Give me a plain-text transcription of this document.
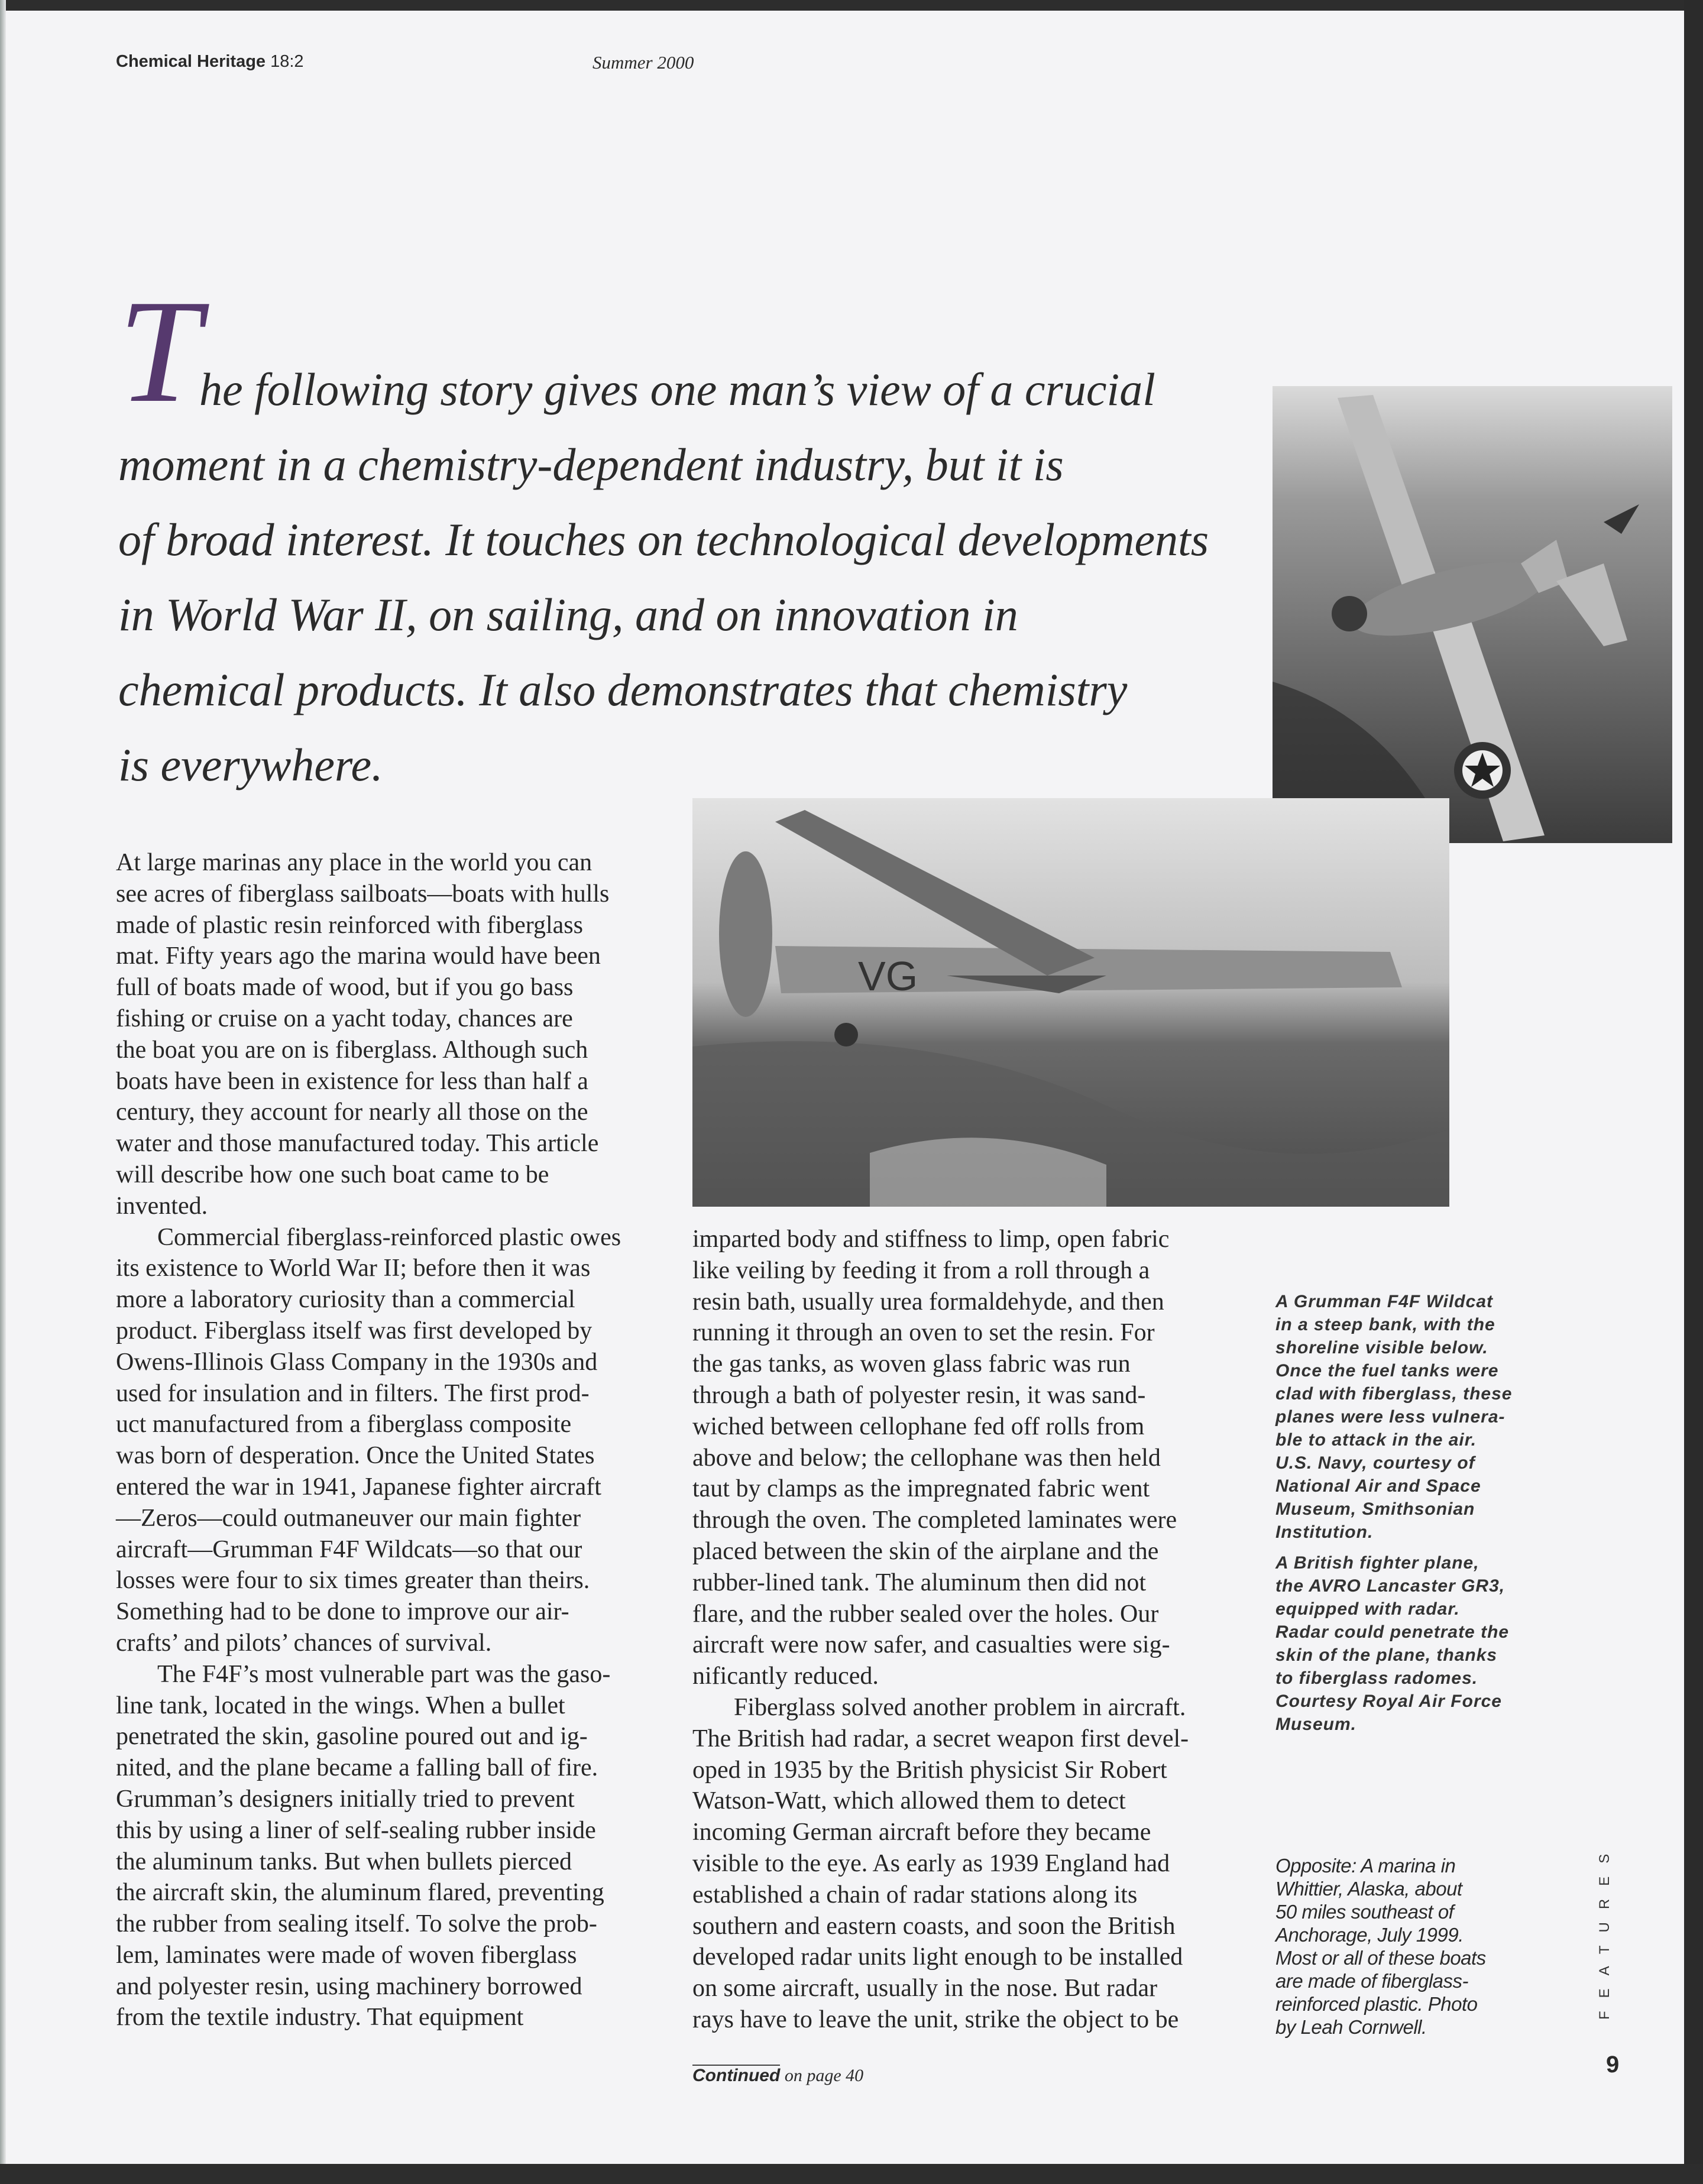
Chemical Heritage 18:2	Summer 2000
T
he following story gives one man’s view of a crucial
moment in a chemistry-dependent industry, but it is
of broad interest. It touches on technological developments
in World War II, on sailing, and on innovation in
chemical products. It also demonstrates that chemistry
is everywhere.
VG
At large marinas any place in the world you can
see acres of fiberglass sailboats—boats with hulls
made of plastic resin reinforced with fiberglass
mat. Fifty years ago the marina would have been
full of boats made of wood, but if you go bass
fishing or cruise on a yacht today, chances are
the boat you are on is fiberglass. Although such
boats have been in existence for less than half a
century, they account for nearly all those on the
water and those manufactured today. This article
will describe how one such boat came to be
invented.
Commercial fiberglass-reinforced plastic owes
its existence to World War II; before then it was
more a laboratory curiosity than a commercial
product. Fiberglass itself was first developed by
Owens-Illinois Glass Company in the 1930s and
used for insulation and in filters. The first prod-
uct manufactured from a fiberglass composite
was born of desperation. Once the United States
entered the war in 1941, Japanese fighter aircraft
—Zeros—could outmaneuver our main fighter
aircraft—Grumman F4F Wildcats—so that our
losses were four to six times greater than theirs.
Something had to be done to improve our air-
crafts’ and pilots’ chances of survival.
The F4F’s most vulnerable part was the gaso-
line tank, located in the wings. When a bullet
penetrated the skin, gasoline poured out and ig-
nited, and the plane became a falling ball of fire.
Grumman’s designers initially tried to prevent
this by using a liner of self-sealing rubber inside
the aluminum tanks. But when bullets pierced
the aircraft skin, the aluminum flared, preventing
the rubber from sealing itself. To solve the prob-
lem, laminates were made of woven fiberglass
and polyester resin, using machinery borrowed
from the textile industry. That equipment
imparted body and stiffness to limp, open fabric
like veiling by feeding it from a roll through a
resin bath, usually urea formaldehyde, and then
running it through an oven to set the resin. For
the gas tanks, as woven glass fabric was run
through a bath of polyester resin, it was sand-
wiched between cellophane fed off rolls from
above and below; the cellophane was then held
taut by clamps as the impregnated fabric went
through the oven. The completed laminates were
placed between the skin of the airplane and the
rubber-lined tank. The aluminum then did not
flare, and the rubber sealed over the holes. Our
aircraft were now safer, and casualties were sig-
nificantly reduced.
Fiberglass solved another problem in aircraft.
The British had radar, a secret weapon first devel-
oped in 1935 by the British physicist Sir Robert
Watson-Watt, which allowed them to detect
incoming German aircraft before they became
visible to the eye. As early as 1939 England had
established a chain of radar stations along its
southern and eastern coasts, and soon the British
developed radar units light enough to be installed
on some aircraft, usually in the nose. But radar
rays have to leave the unit, strike the object to be
A Grumman F4F Wildcat
in a steep bank, with the
shoreline visible below.
Once the fuel tanks were
clad with fiberglass, these
planes were less vulnera-
ble to attack in the air.
U.S. Navy, courtesy of
National Air and Space
Museum, Smithsonian
Institution.
A British fighter plane,
the AVRO Lancaster GR3,
equipped with radar.
Radar could penetrate the
skin of the plane, thanks
to fiberglass radomes.
Courtesy Royal Air Force
Museum.
Opposite: A marina in
Whittier, Alaska, about
50 miles southeast of
Anchorage, July 1999.
Most or all of these boats
are made of fiberglass-
reinforced plastic. Photo
by Leah Cornwell.
FEATURES
9
Continued on page 40
